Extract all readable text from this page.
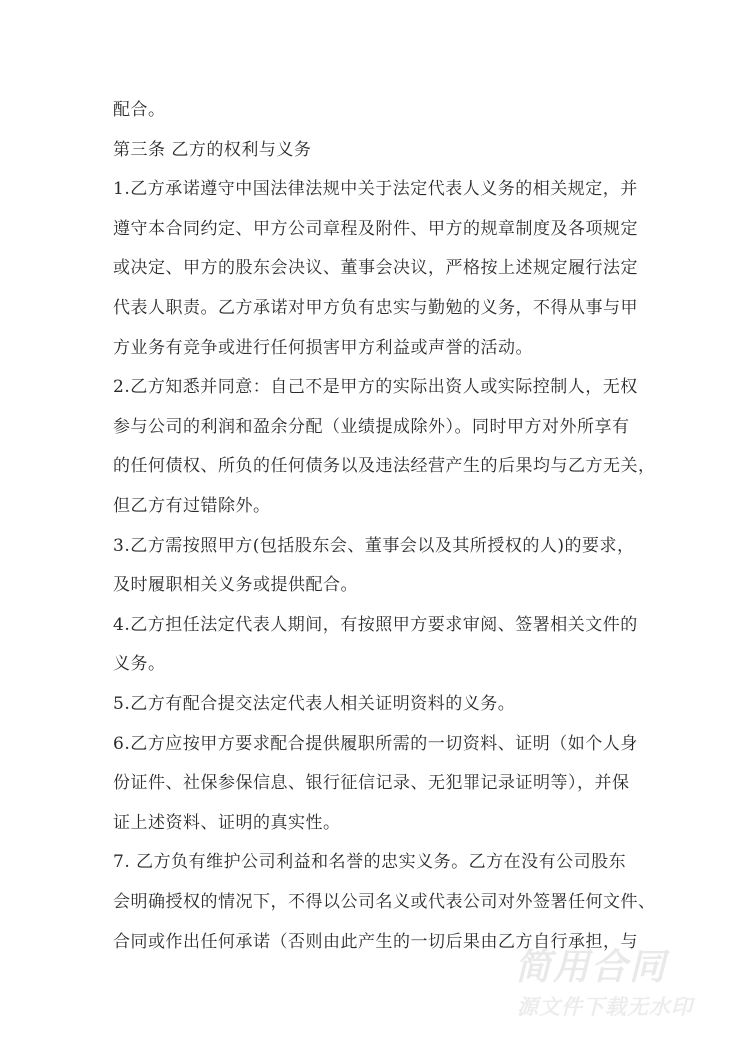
配合。
第三条 乙方的权利与义务
1.乙方承诺遵守中国法律法规中关于法定代表人义务的相关规定，并
遵守本合同约定、甲方公司章程及附件、甲方的规章制度及各项规定
或决定、甲方的股东会决议、董事会决议，严格按上述规定履行法定
代表人职责。乙方承诺对甲方负有忠实与勤勉的义务，不得从事与甲
方业务有竞争或进行任何损害甲方利益或声誉的活动。
2.乙方知悉并同意：自己不是甲方的实际出资人或实际控制人，无权
参与公司的利润和盈余分配（业绩提成除外）。同时甲方对外所享有
的任何债权、所负的任何债务以及违法经营产生的后果均与乙方无关，
但乙方有过错除外。
3.乙方需按照甲方(包括股东会、董事会以及其所授权的人)的要求，
及时履职相关义务或提供配合。
4.乙方担任法定代表人期间，有按照甲方要求审阅、签署相关文件的
义务。
5.乙方有配合提交法定代表人相关证明资料的义务。
6.乙方应按甲方要求配合提供履职所需的一切资料、证明（如个人身
份证件、社保参保信息、银行征信记录、无犯罪记录证明等），并保
证上述资料、证明的真实性。
7. 乙方负有维护公司利益和名誉的忠实义务。乙方在没有公司股东
会明确授权的情况下，不得以公司名义或代表公司对外签署任何文件、
合同或作出任何承诺（否则由此产生的一切后果由乙方自行承担，与
简用合同
源文件下载无水印
